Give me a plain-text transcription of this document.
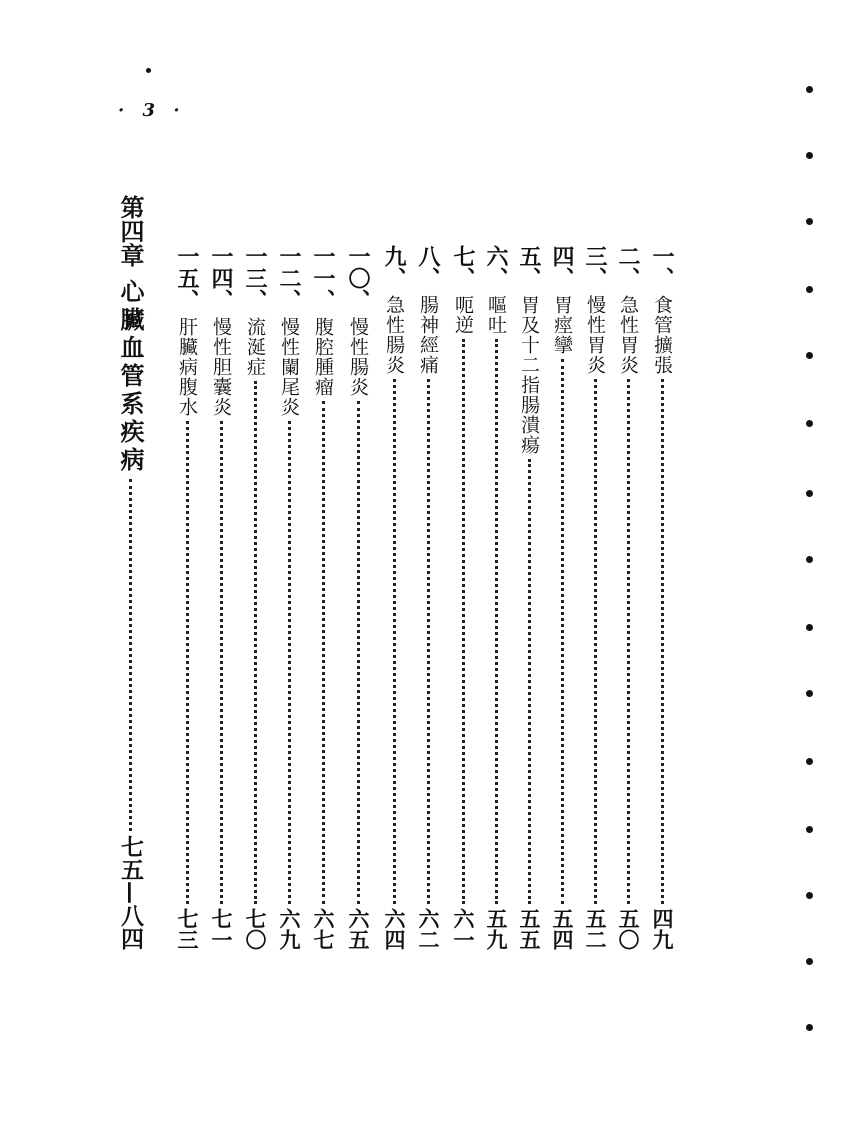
· 3 ·
一、
食管擴張
四九
二、
急性胃炎
五〇
三、
慢性胃炎
五二
四、
胃痙攣
五四
五、
胃及十二指腸潰瘍
五五
六、
嘔吐
五九
七、
呃逆
六一
八、
腸神經痛
六二
九、
急性腸炎
六四
一〇、
慢性腸炎
六五
一一、
腹腔腫瘤
六七
一二、
慢性闌尾炎
六九
一三、
流涎症
七〇
一四、
慢性胆囊炎
七一
一五、
肝臟病腹水
七三
第四章
心臟血管系疾病
七五—八四
